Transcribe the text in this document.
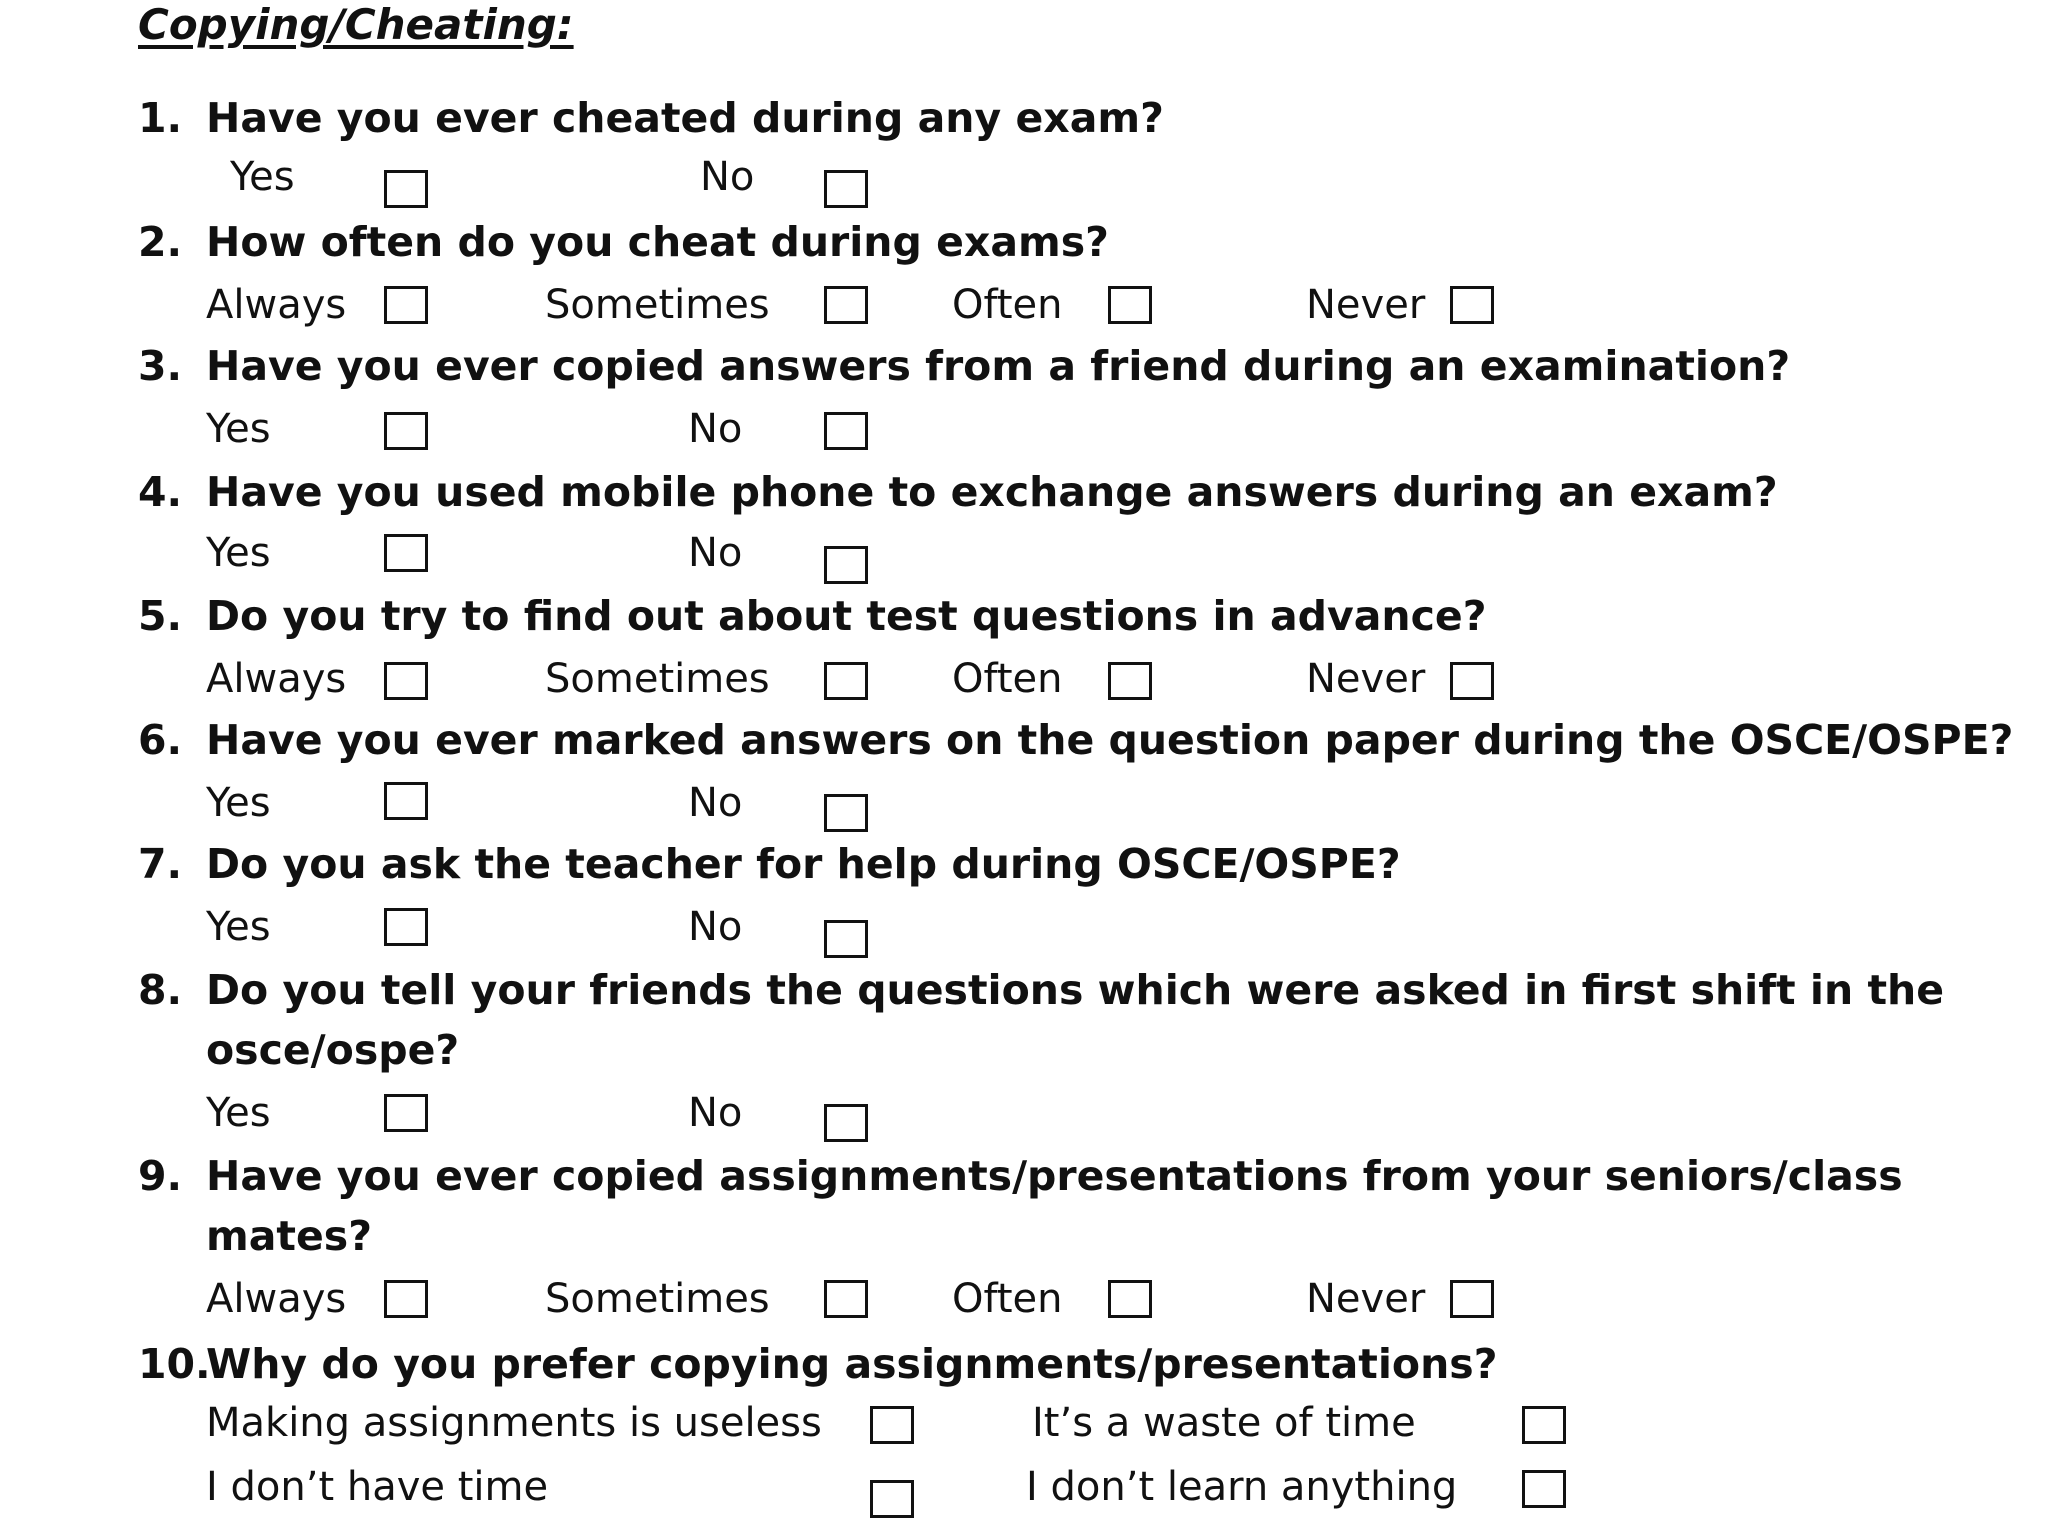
Copying/Cheating:
1. Have you ever cheated during any exam?
Yes	No
2. How often do you cheat during exams?
Always	Sometimes	Often	Never
3. Have you ever copied answers from a friend during an examination?
Yes	No
4. Have you used mobile phone to exchange answers during an exam?
Yes	No
5. Do you try to find out about test questions in advance?
Always	Sometimes	Often	Never
6. Have you ever marked answers on the question paper during the OSCE/OSPE?
Yes	No
7. Do you ask the teacher for help during OSCE/OSPE?
Yes	No
8. Do you tell your friends the questions which were asked in first shift in the
osce/ospe?
Yes	No
9. Have you ever copied assignments/presentations from your seniors/class
mates?
Always	Sometimes	Often	Never
10.
Why do you prefer copying assignments/presentations?
Making assignments is useless	It’s a waste of time
I don’t have time	I don’t learn anything
